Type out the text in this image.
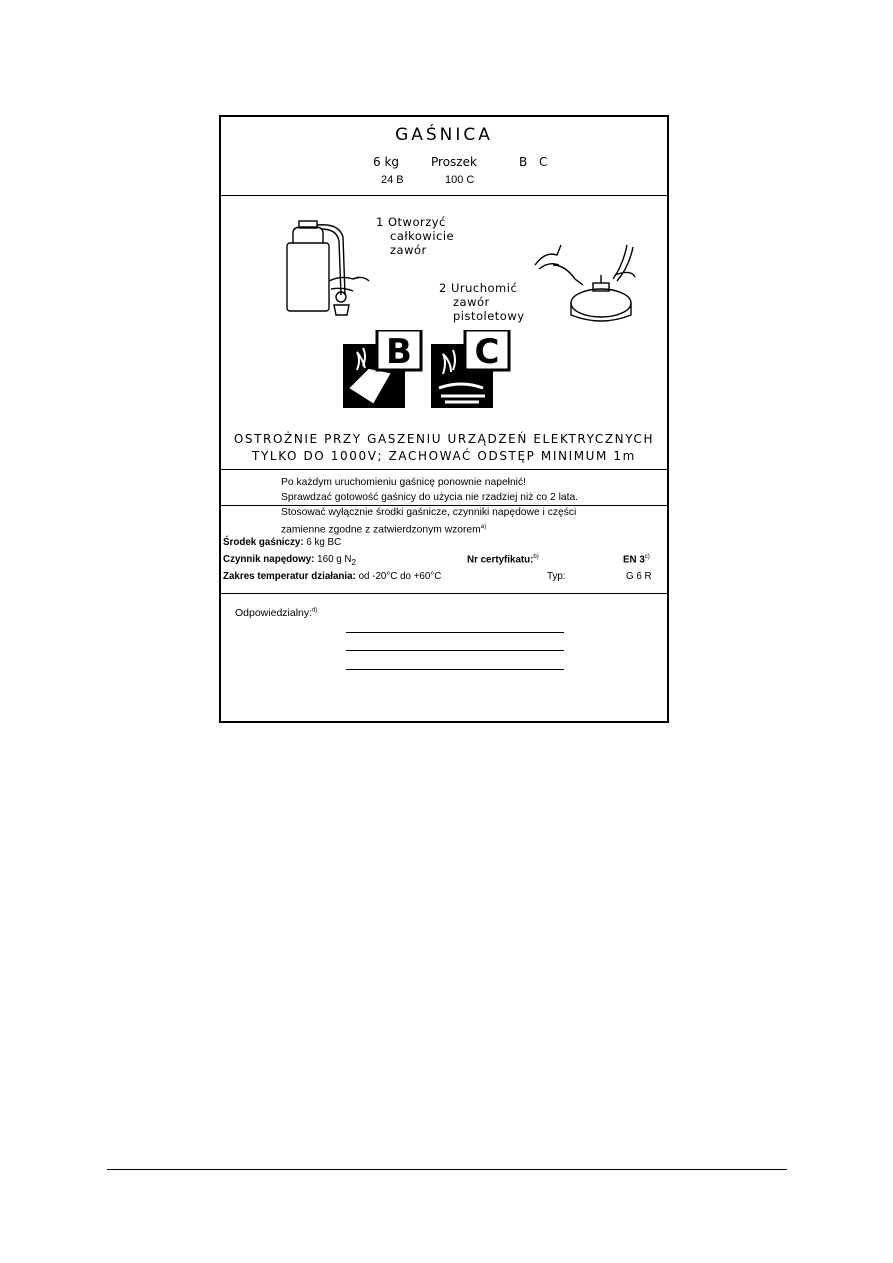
GAŚNICA
6 kg	Proszek	B C
24 B	100 C
1 Otworzyć
całkowicie
zawór
2 Uruchomić
zawór
pistoletowy
B C
OSTROŻNIE PRZY GASZENIU URZĄDZEŃ ELEKTRYCZNYCH
TYLKO DO 1000V; ZACHOWAĆ ODSTĘP MINIMUM 1m
Po każdym uruchomieniu gaśnicę ponownie napełnić!
Sprawdzać gotowość gaśnicy do użycia nie rzadziej niż co 2 lata.
Stosować wyłącznie środki gaśnicze, czynniki napędowe i części
zamienne zgodne z zatwierdzonym wzorem$^{a)}$
Środek gaśniczy: 6 kg BC
Czynnik napędowy: 160 g $N_2$	Nr certyfikatu:$^{b)}$	EN 3$^{c)}$
Zakres temperatur działania: od -20°C do +60°C	Typ:	G 6 R
Odpowiedzialny:$^{d)}$
